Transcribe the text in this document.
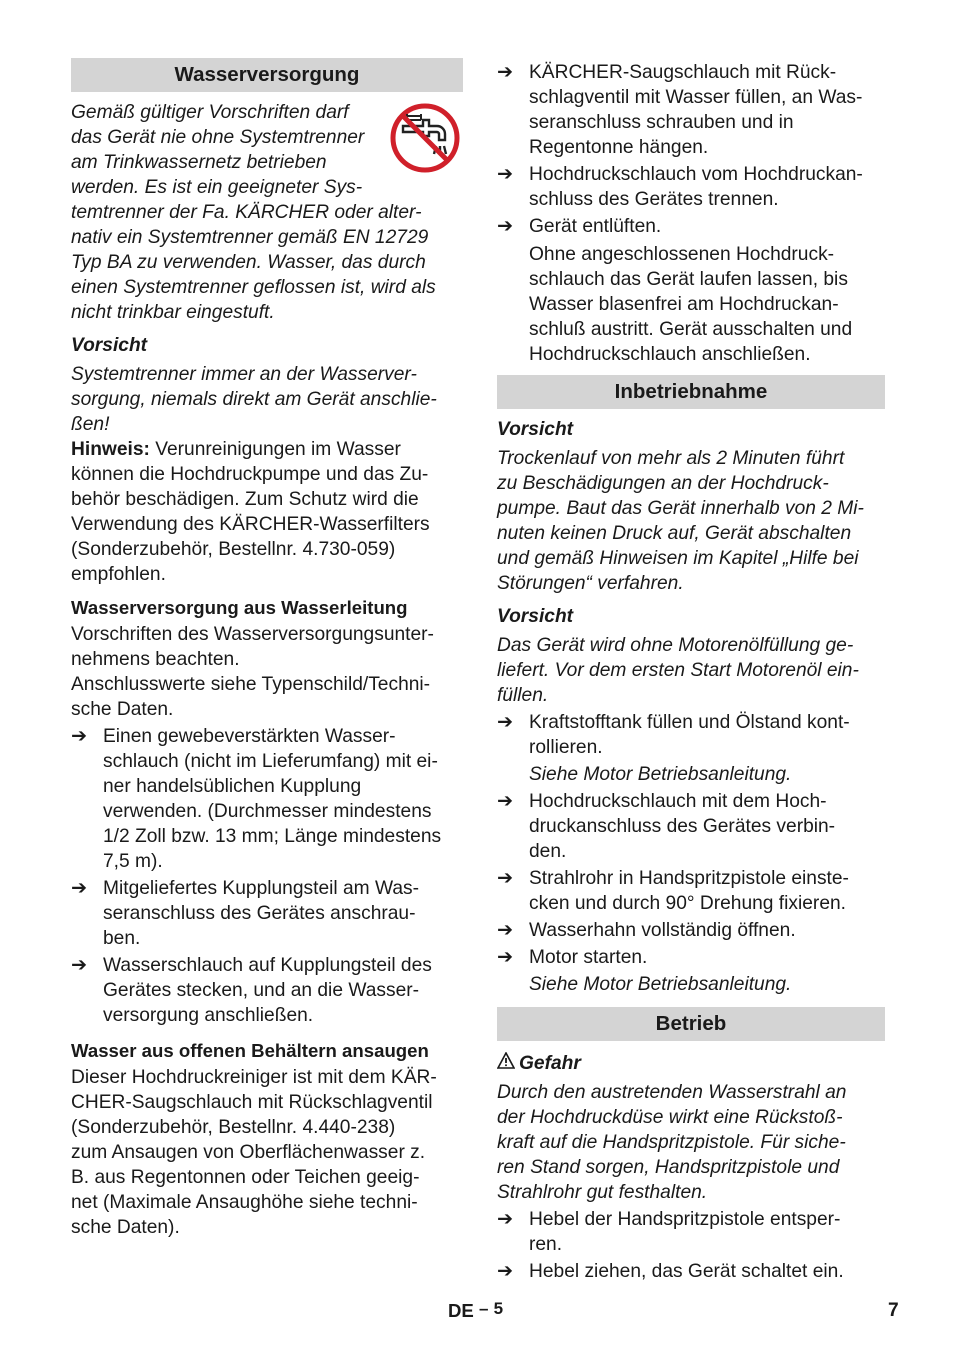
Wasserversorgung

Gemäß gültiger Vorschriften darf

das Gerät nie ohne Systemtrenner

am Trinkwassernetz betrieben

werden. Es ist ein geeigneter Sys-

temtrenner der Fa. KÄRCHER oder alter-

nativ ein Systemtrenner gemäß EN 12729

Typ BA zu verwenden. Wasser, das durch

einen Systemtrenner geflossen ist, wird als

nicht trinkbar eingestuft.

Vorsicht

Systemtrenner immer an der Wasserver-

sorgung, niemals direkt am Gerät anschlie-

ßen!

Hinweis: Verunreinigungen im Wasser

können die Hochdruckpumpe und das Zu-

behör beschädigen. Zum Schutz wird die

Verwendung des KÄRCHER-Wasserfilters

(Sonderzubehör, Bestellnr. 4.730-059)

empfohlen.

Wasserversorgung aus Wasserleitung

Vorschriften des Wasserversorgungsunter-

nehmens beachten.

Anschlusswerte siehe Typenschild/Techni-

sche Daten.

➔ Einen gewebeverstärkten Wasser-

schlauch (nicht im Lieferumfang) mit ei-

ner handelsüblichen Kupplung

verwenden. (Durchmesser mindestens

1/2 Zoll bzw. 13 mm; Länge mindestens

7,5 m).

➔ Mitgeliefertes Kupplungsteil am Was-

seranschluss des Gerätes anschrau-

ben.

➔ Wasserschlauch auf Kupplungsteil des

Gerätes stecken, und an die Wasser-

versorgung anschließen.

Wasser aus offenen Behältern ansaugen

Dieser Hochdruckreiniger ist mit dem KÄR-

CHER-Saugschlauch mit Rückschlagventil

(Sonderzubehör, Bestellnr. 4.440-238)

zum Ansaugen von Oberflächenwasser z.

B. aus Regentonnen oder Teichen geeig-

net (Maximale Ansaughöhe siehe techni-

sche Daten).

➔ KÄRCHER-Saugschlauch mit Rück-

schlagventil mit Wasser füllen, an Was-

seranschluss schrauben und in

Regentonne hängen.

➔ Hochdruckschlauch vom Hochdruckan-

schluss des Gerätes trennen.

➔ Gerät entlüften.

Ohne angeschlossenen Hochdruck-

schlauch das Gerät laufen lassen, bis

Wasser blasenfrei am Hochdruckan-

schluß austritt. Gerät ausschalten und

Hochdruckschlauch anschließen.

Inbetriebnahme

Vorsicht

Trockenlauf von mehr als 2 Minuten führt

zu Beschädigungen an der Hochdruck-

pumpe. Baut das Gerät innerhalb von 2 Mi-

nuten keinen Druck auf, Gerät abschalten

und gemäß Hinweisen im Kapitel „Hilfe bei

Störungen“ verfahren.

Vorsicht

Das Gerät wird ohne Motorenölfüllung ge-

liefert. Vor dem ersten Start Motorenöl ein-

füllen.

➔ Kraftstofftank füllen und Ölstand kont-

rollieren.

Siehe Motor Betriebsanleitung.

➔ Hochdruckschlauch mit dem Hoch-

druckanschluss des Gerätes verbin-

den.

➔ Strahlrohr in Handspritzpistole einste-

cken und durch 90° Drehung fixieren.

➔ Wasserhahn vollständig öffnen.

➔ Motor starten.

Siehe Motor Betriebsanleitung.

Betrieb

Gefahr

Durch den austretenden Wasserstrahl an

der Hochdruckdüse wirkt eine Rückstoß-

kraft auf die Handspritzpistole. Für siche-

ren Stand sorgen, Handspritzpistole und

Strahlrohr gut festhalten.

➔ Hebel der Handspritzpistole entsper-

ren.

➔ Hebel ziehen, das Gerät schaltet ein.

DE – 5	7
